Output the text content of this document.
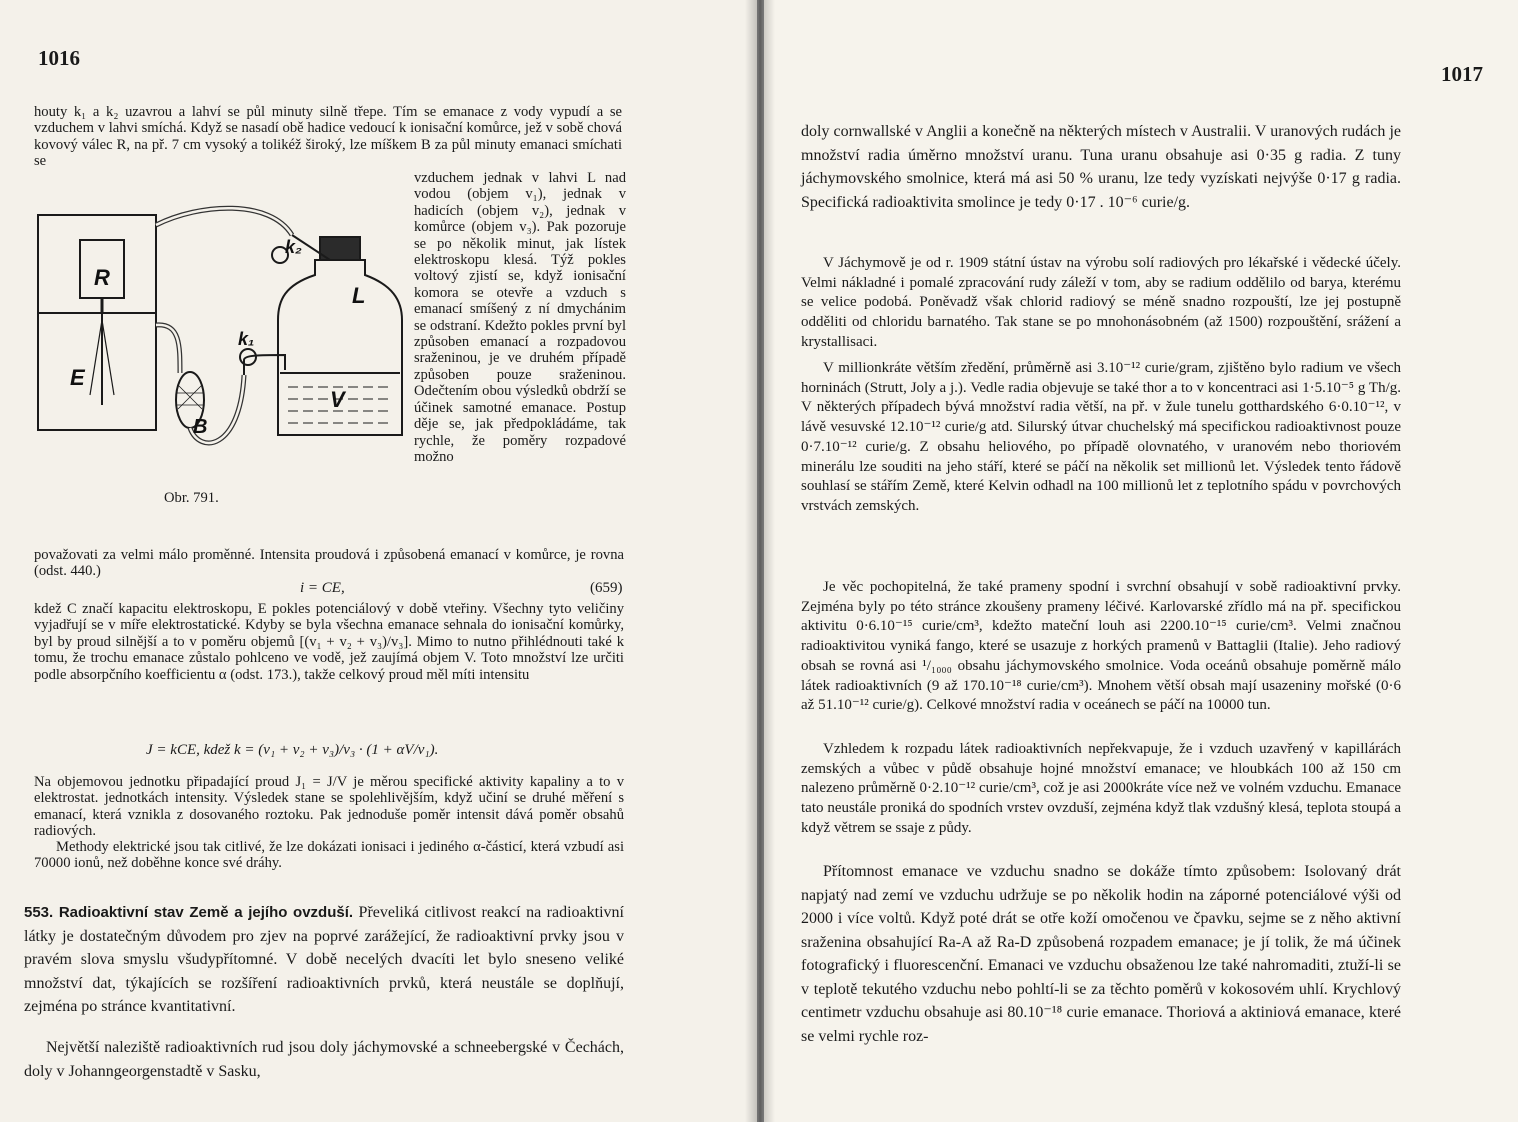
1016
houty k₁ a k₂ uzavrou a lahví se půl minuty silně třepe. Tím se emanace z vody vypudí a se vzduchem v lahvi smíchá. Když se nasadí obě hadice vedoucí k ionisační komůrce, jež v sobě chová kovový válec R, na př. 7 cm vysoký a tolikéž široký, lze míškem B za půl minuty emanaci smíchati se
R
E
L
V
B
k₁
k₂
Obr. 791.
vzduchem jednak v lahvi L nad vodou (objem v₁), jednak v hadicích (objem v₂), jednak v komůrce (objem v₃). Pak pozoruje se po několik minut, jak lístek elektroskopu klesá. Týž pokles voltový zjistí se, když ionisační komora se otevře a vzduch s emanací smíšený z ní dmychánim se odstraní. Kdežto pokles první byl způsoben emanací a rozpadovou sraženinou, je ve druhém případě způsoben pouze sraženinou. Odečtením obou výsledků obdrží se účinek samotné emanace. Postup děje se, jak předpokládáme, tak rychle, že poměry rozpadové možno
považovati za velmi málo proměnné. Intensita proudová i způsobená emanací v komůrce, je rovna (odst. 440.)
i = CE,	(659)
kdež C značí kapacitu elektroskopu, E pokles potenciálový v době vteřiny. Všechny tyto veličiny vyjadřují se v míře elektrostatické. Kdyby se byla všechna emanace sehnala do ionisační komůrky, byl by proud silnější a to v poměru objemů [(v₁ + v₂ + v₃)/v₃]. Mimo to nutno přihlédnouti také k tomu, že trochu emanace zůstalo pohlceno ve vodě, jež zaujímá objem V. Toto množství lze určiti podle absorpčního koefficientu α (odst. 173.), takže celkový proud měl míti intensitu
J = kCE, kdež k = (v₁ + v₂ + v₃)/v₃ · (1 + αV/v₁).
Na objemovou jednotku připadající proud J₁ = J/V je měrou specifické aktivity kapaliny a to v elektrostat. jednotkách intensity. Výsledek stane se spolehlivějším, když učiní se druhé měření s emanací, která vznikla z dosovaného roztoku. Pak jednoduše poměr intensit dává poměr obsahů radiových.

Methody elektrické jsou tak citlivé, že lze dokázati ionisaci i jediného α-částicí, která vzbudí asi 70000 ionů, než doběhne konce své dráhy.

553. Radioaktivní stav Země a jejího ovzduší. Převeliká citlivost reakcí na radioaktivní látky je dostatečným důvodem pro zjev na poprvé zarážející, že radioaktivní prvky jsou v pravém slova smyslu všudypřítomné. V době necelých dvacíti let bylo sneseno veliké množství dat, týkajících se rozšíření radioaktivních prvků, která neustále se doplňují, zejména po stránce kvantitativní.

Největší naleziště radioaktivních rud jsou doly jáchymovské a schneebergské v Čechách, doly v Johanngeorgenstadtě v Sasku,

1017
doly cornwallské v Anglii a konečně na některých místech v Australii. V uranových rudách je množství radia úměrno množství uranu. Tuna uranu obsahuje asi 0·35 g radia. Z tuny jáchymovského smolnice, která má asi 50 % uranu, lze tedy vyzískati nejvýše 0·17 g radia. Specifická radioaktivita smolince je tedy 0·17 . 10⁻⁶ curie/g.

V Jáchymově je od r. 1909 státní ústav na výrobu solí radiových pro lékařské i vědecké účely. Velmi nákladné i pomalé zpracování rudy záleží v tom, aby se radium oddělilo od barya, kterému se velice podobá. Poněvadž však chlorid radiový se méně snadno rozpouští, lze jej postupně odděliti od chloridu barnatého. Tak stane se po mnohonásobném (až 1500) rozpouštění, srážení a krystallisaci.

V millionkráte větším zředění, průměrně asi 3.10⁻¹² curie/gram, zjištěno bylo radium ve všech horninách (Strutt, Joly a j.). Vedle radia objevuje se také thor a to v koncentraci asi 1·5.10⁻⁵ g Th/g. V některých případech bývá množství radia větší, na př. v žule tunelu gotthardského 6·0.10⁻¹², v lávě vesuvské 12.10⁻¹² curie/g atd. Silurský útvar chuchelský má specifickou radioaktivnost pouze 0·7.10⁻¹² curie/g. Z obsahu heliového, po případě olovnatého, v uranovém nebo thoriovém minerálu lze souditi na jeho stáří, které se páčí na několik set millionů let. Výsledek tento řádově souhlasí se stářím Země, které Kelvin odhadl na 100 millionů let z teplotního spádu v povrchových vrstvách zemských.

Je věc pochopitelná, že také prameny spodní i svrchní obsahují v sobě radioaktivní prvky. Zejména byly po této stránce zkoušeny prameny léčivé. Karlovarské zřídlo má na př. specifickou aktivitu 0·6.10⁻¹⁵ curie/cm³, kdežto mateční louh asi 2200.10⁻¹⁵ curie/cm³. Velmi značnou radioaktivitou vyniká fango, které se usazuje z horkých pramenů v Battaglii (Italie). Jeho radiový obsah se rovná asi ¹/₁₀₀₀ obsahu jáchymovského smolnice. Voda oceánů obsahuje poměrně málo látek radioaktivních (9 až 170.10⁻¹⁸ curie/cm³). Mnohem větší obsah mají usazeniny mořské (0·6 až 51.10⁻¹² curie/g). Celkové množství radia v oceánech se páčí na 10000 tun.

Vzhledem k rozpadu látek radioaktivních nepřekvapuje, že i vzduch uzavřený v kapillárách zemských a vůbec v půdě obsahuje hojné množství emanace; ve hloubkách 100 až 150 cm nalezeno průměrně 0·2.10⁻¹² curie/cm³, což je asi 2000kráte více než ve volném vzduchu. Emanace tato neustále proniká do spodních vrstev ovzduší, zejména když tlak vzdušný klesá, teplota stoupá a když větrem se ssaje z půdy.

Přítomnost emanace ve vzduchu snadno se dokáže tímto způsobem: Isolovaný drát napjatý nad zemí ve vzduchu udržuje se po několik hodin na záporné potenciálové výši od 2000 i více voltů. Když poté drát se otře koží omočenou ve čpavku, sejme se z něho aktivní sraženina obsahující Ra-A až Ra-D způsobená rozpadem emanace; je jí tolik, že má účinek fotografický i fluorescenční. Emanaci ve vzduchu obsaženou lze také nahromaditi, ztuží-li se v teplotě tekutého vzduchu nebo pohltí-li se za těchto poměrů v kokosovém uhlí. Krychlový centimetr vzduchu obsahuje asi 80.10⁻¹⁸ curie emanace. Thoriová a aktiniová emanace, které se velmi rychle roz-
